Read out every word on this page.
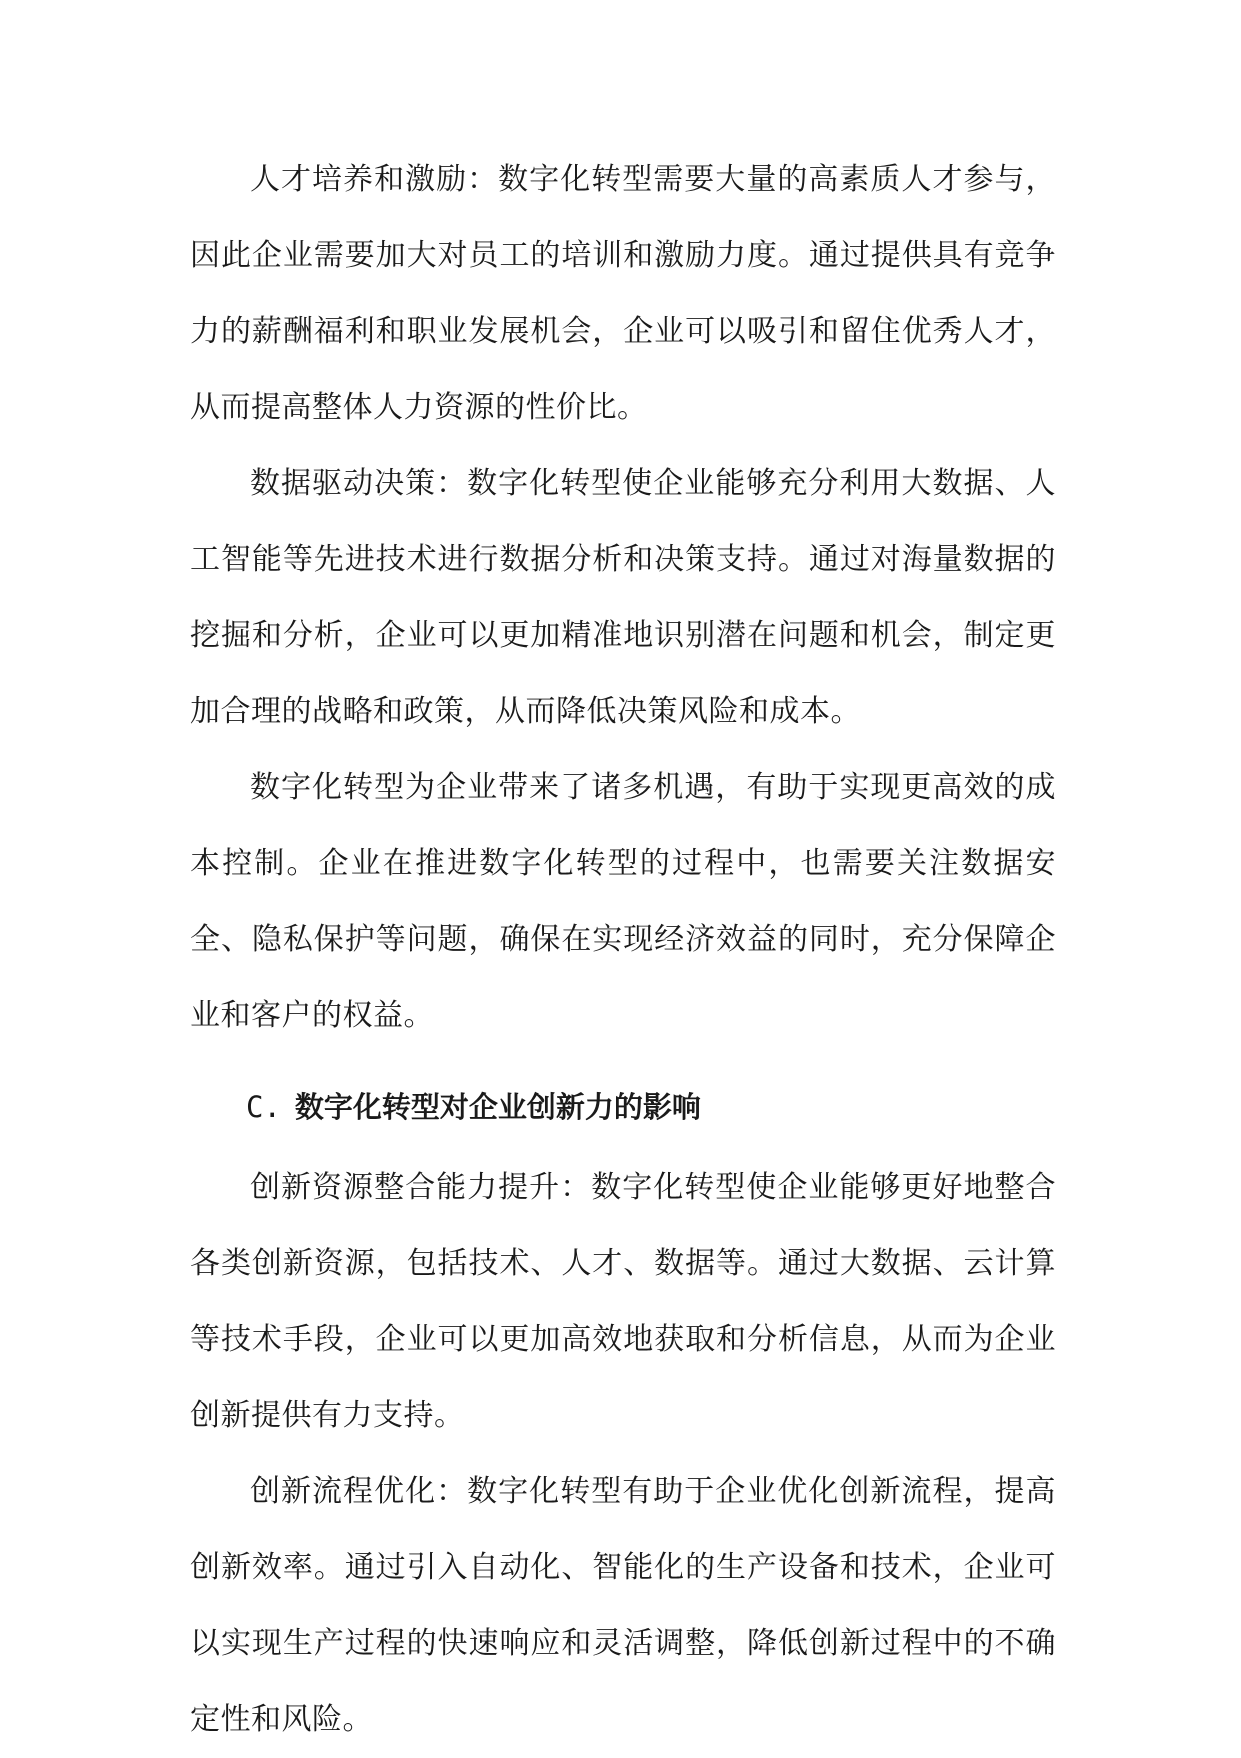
人才培养和激励：数字化转型需要大量的高素质人才参与，因此企业需要加大对员工的培训和激励力度。通过提供具有竞争力的薪酬福利和职业发展机会，企业可以吸引和留住优秀人才，从而提高整体人力资源的性价比。

数据驱动决策：数字化转型使企业能够充分利用大数据、人工智能等先进技术进行数据分析和决策支持。通过对海量数据的挖掘和分析，企业可以更加精准地识别潜在问题和机会，制定更加合理的战略和政策，从而降低决策风险和成本。

数字化转型为企业带来了诸多机遇，有助于实现更高效的成本控制。企业在推进数字化转型的过程中，也需要关注数据安全、隐私保护等问题，确保在实现经济效益的同时，充分保障企业和客户的权益。

C. 数字化转型对企业创新力的影响

创新资源整合能力提升：数字化转型使企业能够更好地整合各类创新资源，包括技术、人才、数据等。通过大数据、云计算等技术手段，企业可以更加高效地获取和分析信息，从而为企业创新提供有力支持。

创新流程优化：数字化转型有助于企业优化创新流程，提高创新效率。通过引入自动化、智能化的生产设备和技术，企业可以实现生产过程的快速响应和灵活调整，降低创新过程中的不确定性和风险。
